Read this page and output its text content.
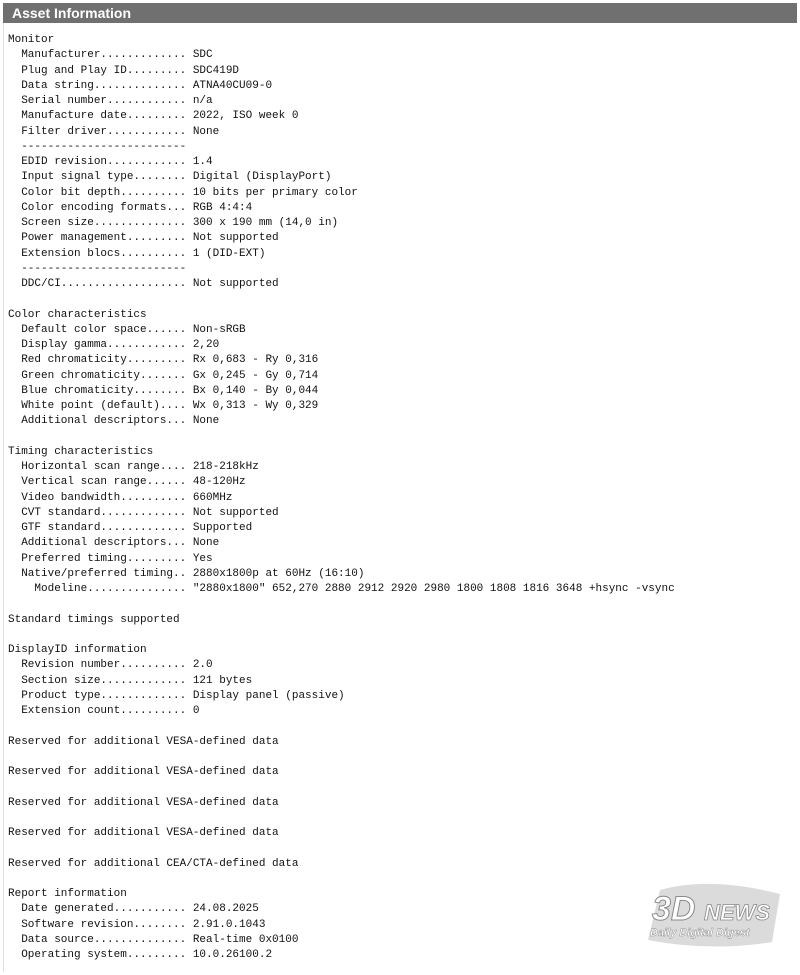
Asset Information
Monitor
Manufacturer............. SDC
Plug and Play ID......... SDC419D
Data string.............. ATNA40CU09-0
Serial number............ n/a
Manufacture date......... 2022, ISO week 0
Filter driver............ None
-------------------------
EDID revision............ 1.4
Input signal type........ Digital (DisplayPort)
Color bit depth.......... 10 bits per primary color
Color encoding formats... RGB 4:4:4
Screen size.............. 300 x 190 mm (14,0 in)
Power management......... Not supported
Extension blocs.......... 1 (DID-EXT)
-------------------------
DDC/CI................... Not supported
Color characteristics
Default color space...... Non-sRGB
Display gamma............ 2,20
Red chromaticity......... Rx 0,683 - Ry 0,316
Green chromaticity....... Gx 0,245 - Gy 0,714
Blue chromaticity........ Bx 0,140 - By 0,044
White point (default).... Wx 0,313 - Wy 0,329
Additional descriptors... None
Timing characteristics
Horizontal scan range.... 218-218kHz
Vertical scan range...... 48-120Hz
Video bandwidth.......... 660MHz
CVT standard............. Not supported
GTF standard............. Supported
Additional descriptors... None
Preferred timing......... Yes
Native/preferred timing.. 2880x1800p at 60Hz (16:10)
Modeline............... "2880x1800" 652,270 2880 2912 2920 2980 1800 1808 1816 3648 +hsync -vsync
Standard timings supported
DisplayID information
Revision number.......... 2.0
Section size............. 121 bytes
Product type............. Display panel (passive)
Extension count.......... 0
Reserved for additional VESA-defined data
Reserved for additional VESA-defined data
Reserved for additional VESA-defined data
Reserved for additional VESA-defined data
Reserved for additional CEA/CTA-defined data
Report information
Date generated........... 24.08.2025
Software revision........ 2.91.0.1043
Data source.............. Real-time 0x0100
Operating system......... 10.0.26100.2
3D NEWS
Daily Digital Digest
